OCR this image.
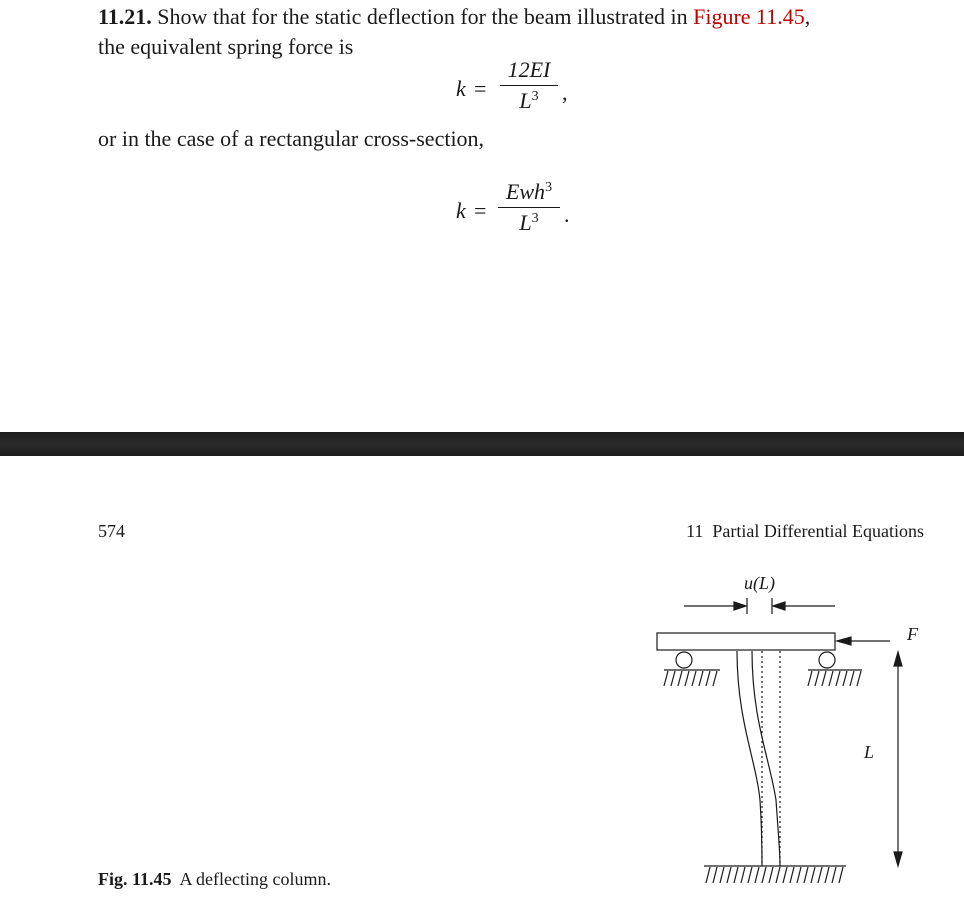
11.21. Show that for the static deflection for the beam illustrated in Figure 11.45,
the equivalent spring force is
k =
12EI
$L^3$	,
or in the case of a rectangular cross-section,
k =
Ewh$^3$
$L^3$	.
574	11  Partial Differential Equations
u(L)
F
L
Fig. 11.45 A deflecting column.
